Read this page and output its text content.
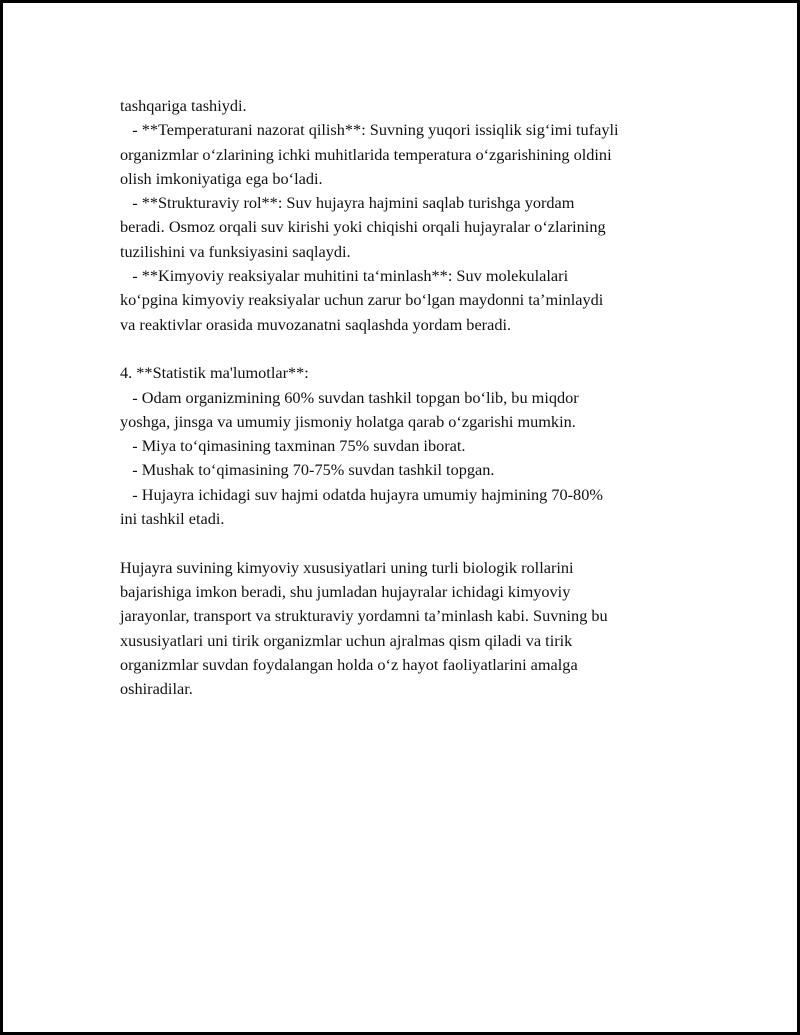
tashqariga tashiydi.
- **Temperaturani nazorat qilish**: Suvning yuqori issiqlik sig‘imi tufayli
organizmlar o‘zlarining ichki muhitlarida temperatura o‘zgarishining oldini
olish imkoniyatiga ega bo‘ladi.
- **Strukturaviy rol**: Suv hujayra hajmini saqlab turishga yordam
beradi. Osmoz orqali suv kirishi yoki chiqishi orqali hujayralar o‘zlarining
tuzilishini va funksiyasini saqlaydi.
- **Kimyoviy reaksiyalar muhitini ta‘minlash**: Suv molekulalari
ko‘pgina kimyoviy reaksiyalar uchun zarur bo‘lgan maydonni ta’minlaydi
va reaktivlar orasida muvozanatni saqlashda yordam beradi.
4. **Statistik ma'lumotlar**:
- Odam organizmining 60% suvdan tashkil topgan bo‘lib, bu miqdor
yoshga, jinsga va umumiy jismoniy holatga qarab o‘zgarishi mumkin.
- Miya to‘qimasining taxminan 75% suvdan iborat.
- Mushak to‘qimasining 70-75% suvdan tashkil topgan.
- Hujayra ichidagi suv hajmi odatda hujayra umumiy hajmining 70-80%
ini tashkil etadi.
Hujayra suvining kimyoviy xususiyatlari uning turli biologik rollarini
bajarishiga imkon beradi, shu jumladan hujayralar ichidagi kimyoviy
jarayonlar, transport va strukturaviy yordamni ta’minlash kabi. Suvning bu
xususiyatlari uni tirik organizmlar uchun ajralmas qism qiladi va tirik
organizmlar suvdan foydalangan holda o‘z hayot faoliyatlarini amalga
oshiradilar.
